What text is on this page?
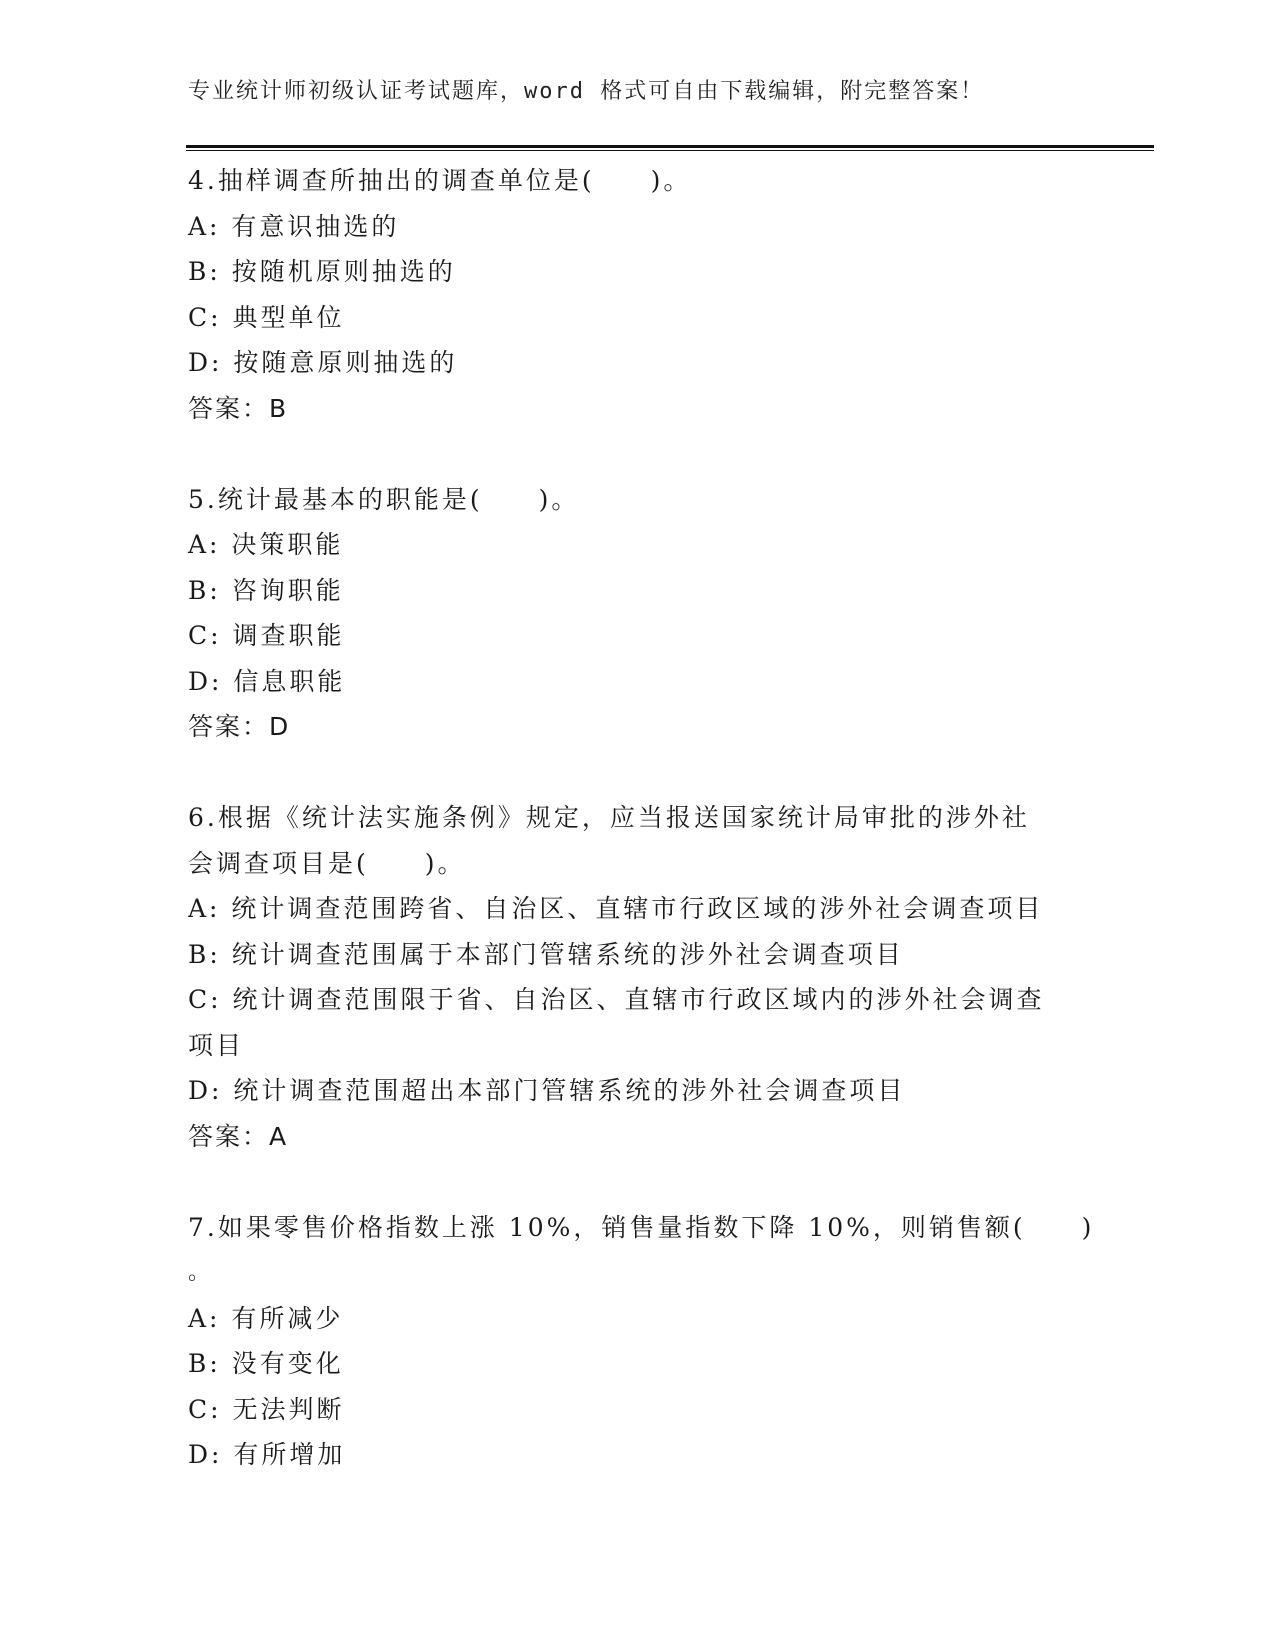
专业统计师初级认证考试题库，word 格式可自由下载编辑，附完整答案！
4.抽样调查所抽出的调查单位是(　　)。
A: 有意识抽选的
B: 按随机原则抽选的
C: 典型单位
D: 按随意原则抽选的
答案：B
5.统计最基本的职能是(　　)。
A: 决策职能
B: 咨询职能
C: 调查职能
D: 信息职能
答案：D
6.根据《统计法实施条例》规定，应当报送国家统计局审批的涉外社
会调查项目是(　　)。
A: 统计调查范围跨省、自治区、直辖市行政区域的涉外社会调查项目
B: 统计调查范围属于本部门管辖系统的涉外社会调查项目
C: 统计调查范围限于省、自治区、直辖市行政区域内的涉外社会调查
项目
D: 统计调查范围超出本部门管辖系统的涉外社会调查项目
答案：A
7.如果零售价格指数上涨 10%，销售量指数下降 10%，则销售额(　　)
。
A: 有所减少
B: 没有变化
C: 无法判断
D: 有所增加
